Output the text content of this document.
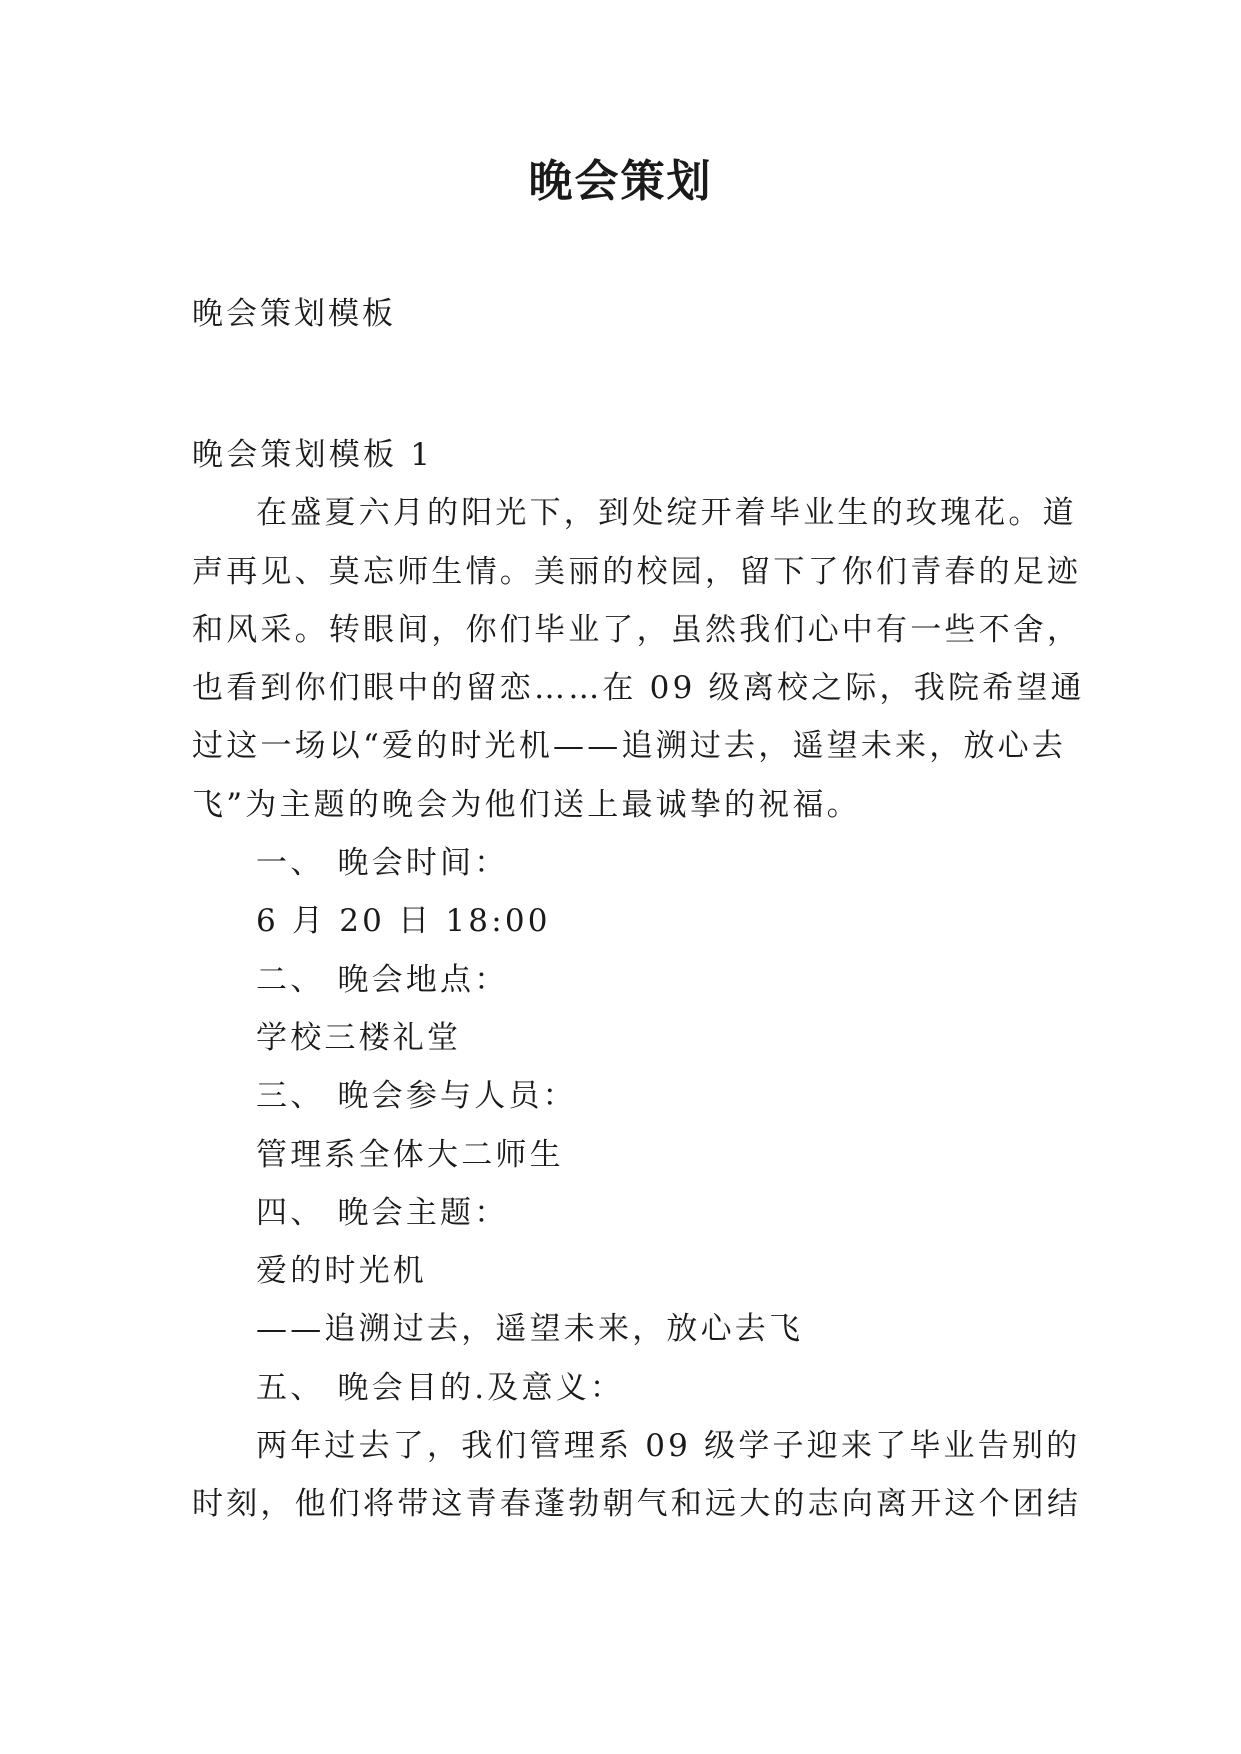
晚会策划
晚会策划模板
晚会策划模板 1
在盛夏六月的阳光下，到处绽开着毕业生的玫瑰花。道
声再见、莫忘师生情。美丽的校园，留下了你们青春的足迹
和风采。转眼间，你们毕业了，虽然我们心中有一些不舍，
也看到你们眼中的留恋……在 09 级离校之际，我院希望通
过这一场以“爱的时光机——追溯过去，遥望未来，放心去
飞”为主题的晚会为他们送上最诚挚的祝福。
一、 晚会时间：
6 月 20 日 18:00
二、 晚会地点：
学校三楼礼堂
三、 晚会参与人员：
管理系全体大二师生
四、 晚会主题：
爱的时光机
——追溯过去，遥望未来，放心去飞
五、 晚会目的.及意义：
两年过去了，我们管理系 09 级学子迎来了毕业告别的
时刻，他们将带这青春蓬勃朝气和远大的志向离开这个团结
